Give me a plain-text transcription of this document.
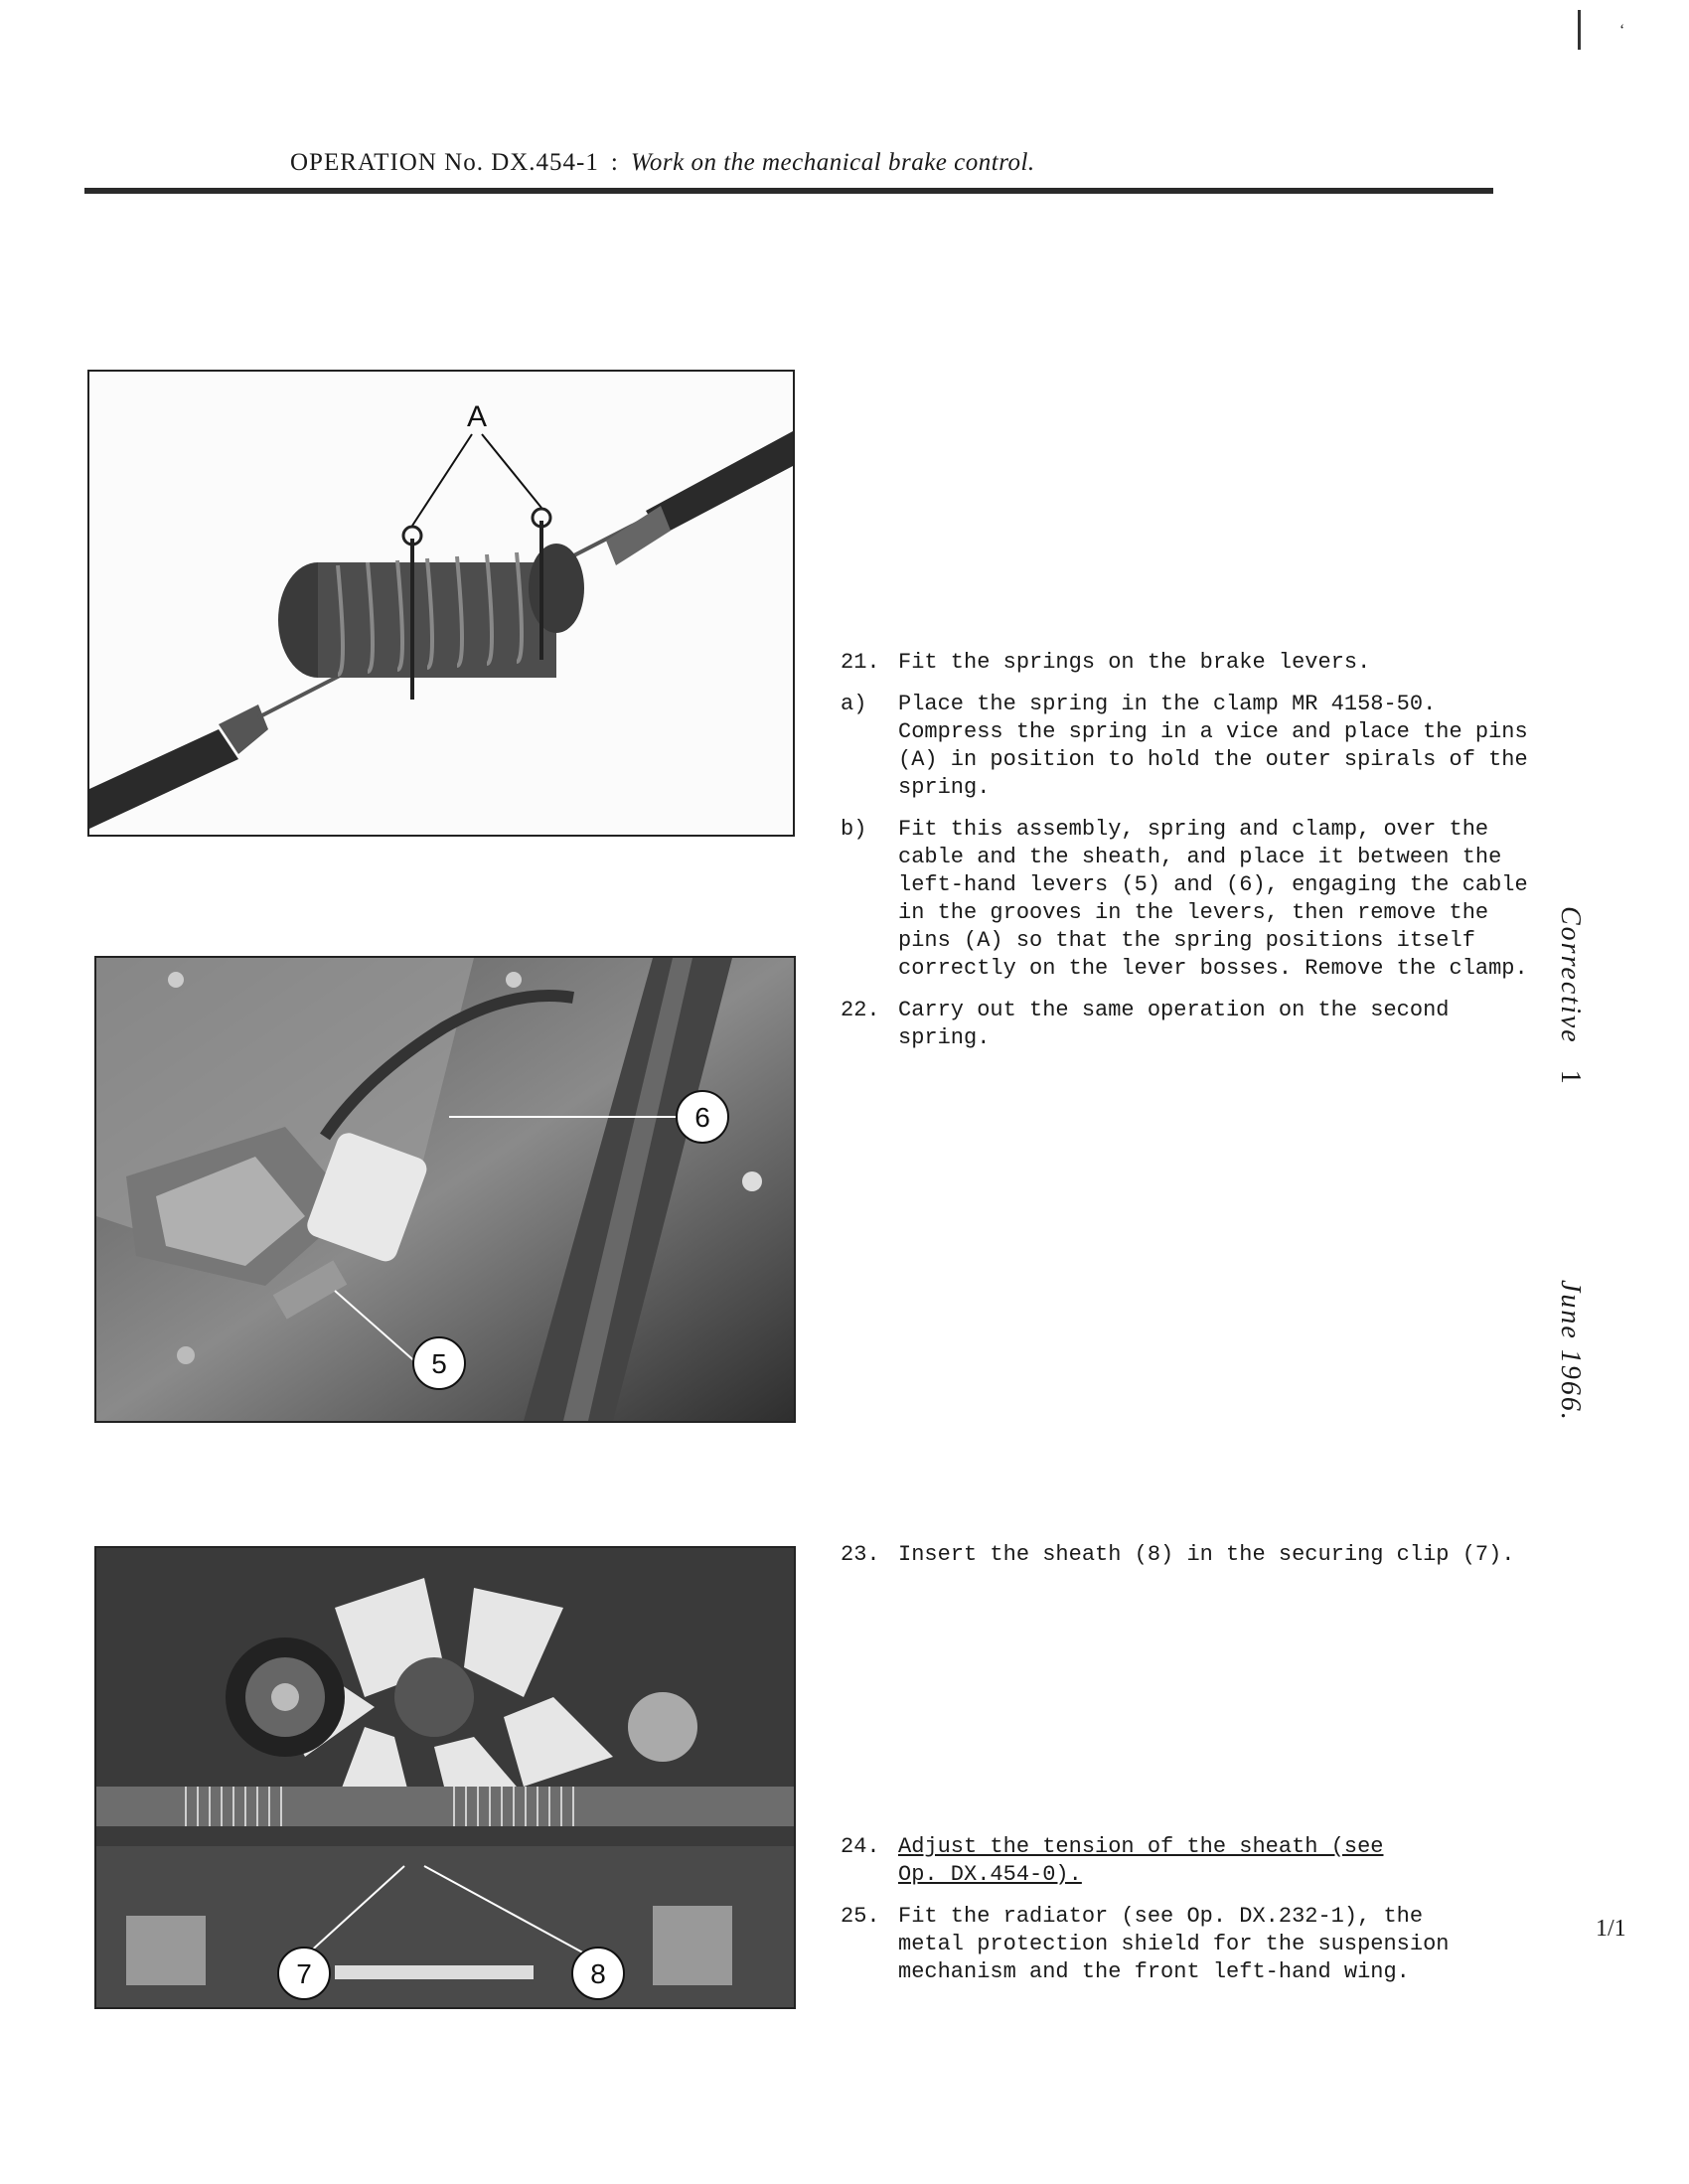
‘
OPERATION No. DX.454-1 : Work on the mechanical brake control.
A
6
5
7	8
21. Fit the springs on the brake levers.
a)	Place the spring in the clamp MR 4158-50. Compress the spring in a vice and place the pins (A) in position to hold the outer spirals of the spring.
b)	Fit this assembly, spring and clamp, over the cable and the sheath, and place it between the left-hand levers (5) and (6), engaging the cable in the grooves in the levers, then remove the pins (A) so that the spring positions itself correctly on the lever bosses. Remove the clamp.
22. Carry out the same operation on the second spring.
23. Insert the sheath (8) in the securing clip (7).
24. Adjust the tension of the sheath (see Op. DX.454-0).
25. Fit the radiator (see Op. DX.232-1), the metal protection shield for the suspension mechanism and the front left-hand wing.
Corrective1
June 1966.
1/1
